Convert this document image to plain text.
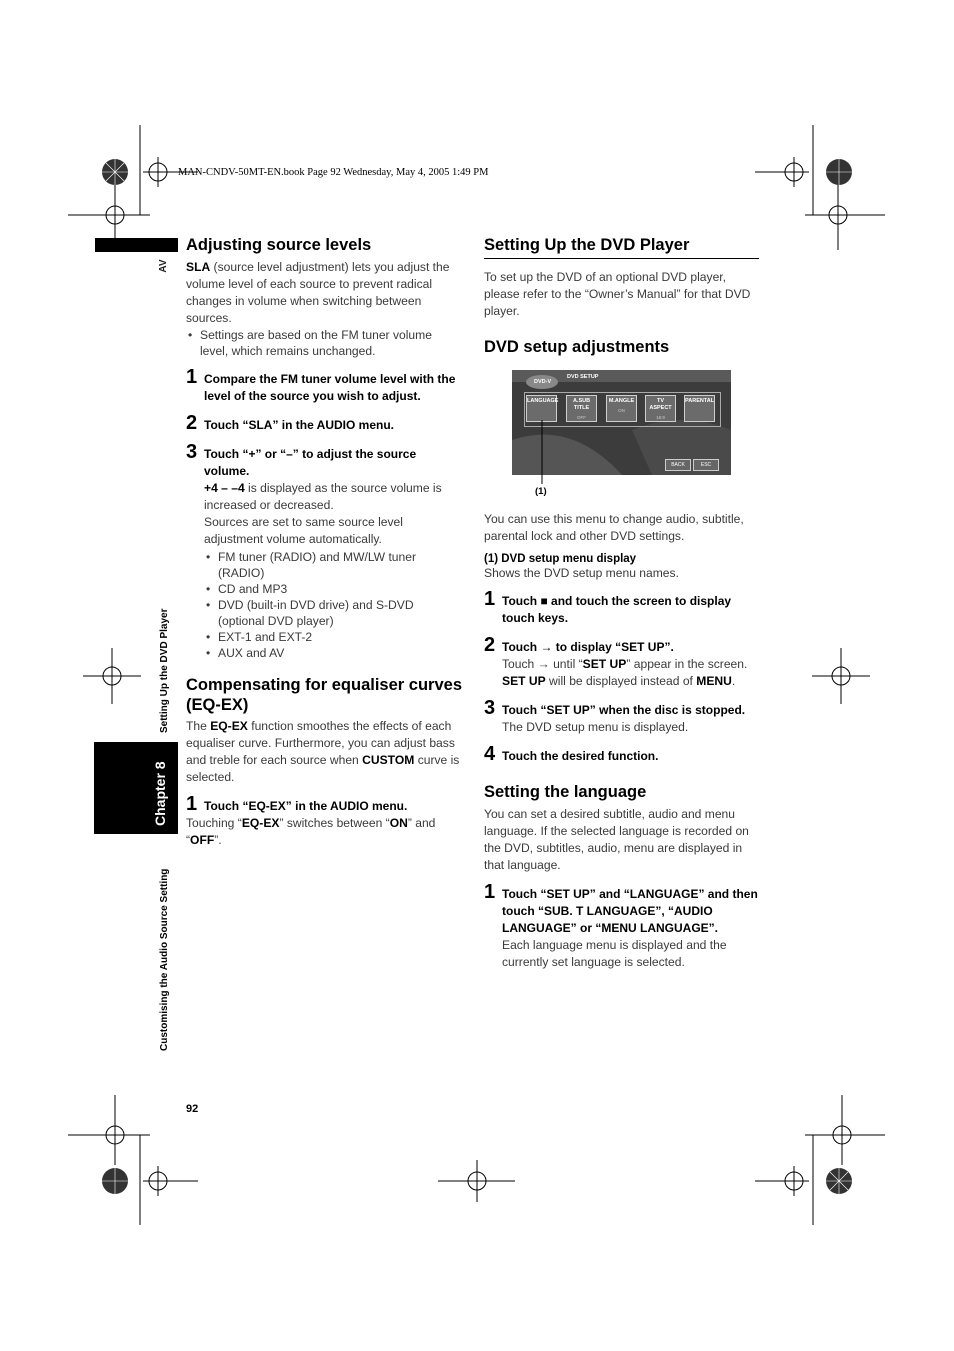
MAN-CNDV-50MT-EN.book Page 92 Wednesday, May 4, 2005 1:49 PM
AV
Setting Up the DVD Player
Chapter 8
Customising the Audio Source Setting
Adjusting source levels

SLA (source level adjustment) lets you adjust the volume level of each source to prevent radical changes in volume when switching between sources.

• Settings are based on the FM tuner volume level, which remains unchanged.
1 Compare the FM tuner volume level with the level of the source you wish to adjust.
2 Touch “SLA” in the AUDIO menu.
3 Touch “+” or “–” to adjust the source volume.

+4 – –4 is displayed as the source volume is increased or decreased.

Sources are set to same source level adjustment volume automatically.

• FM tuner (RADIO) and MW/LW tuner (RADIO)
• CD and MP3
• DVD (built-in DVD drive) and S-DVD (optional DVD player)
• EXT-1 and EXT-2
• AUX and AV
Compensating for equaliser curves (EQ-EX)

The EQ-EX function smoothes the effects of each equaliser curve. Furthermore, you can adjust bass and treble for each source when CUSTOM curve is selected.

1 Touch “EQ-EX” in the AUDIO menu.

Touching “EQ-EX” switches between “ON” and “OFF”.

Setting Up the DVD Player

To set up the DVD of an optional DVD player, please refer to the “Owner’s Manual” for that DVD player.

DVD setup adjustments
DVD-V
DVD SETUP
LANGUAGE	A.SUB TITLE
OFF
M.ANGLE
ON
TV ASPECT
16:9
PARENTAL
BACK	ESC
(1)

You can use this menu to change audio, subtitle, parental lock and other DVD settings.

(1) DVD setup menu display

Shows the DVD setup menu names.

1 Touch ■ and touch the screen to display touch keys.
2 Touch → to display “SET UP”.

Touch → until “SET UP” appear in the screen. SET UP will be displayed instead of MENU.

3 Touch “SET UP” when the disc is stopped.

The DVD setup menu is displayed.

4 Touch the desired function.
Setting the language

You can set a desired subtitle, audio and menu language. If the selected language is recorded on the DVD, subtitles, audio, menu are displayed in that language.

1 Touch “SET UP” and “LANGUAGE” and then touch “SUB. T LANGUAGE”, “AUDIO LANGUAGE” or “MENU LANGUAGE”.

Each language menu is displayed and the currently set language is selected.

92
